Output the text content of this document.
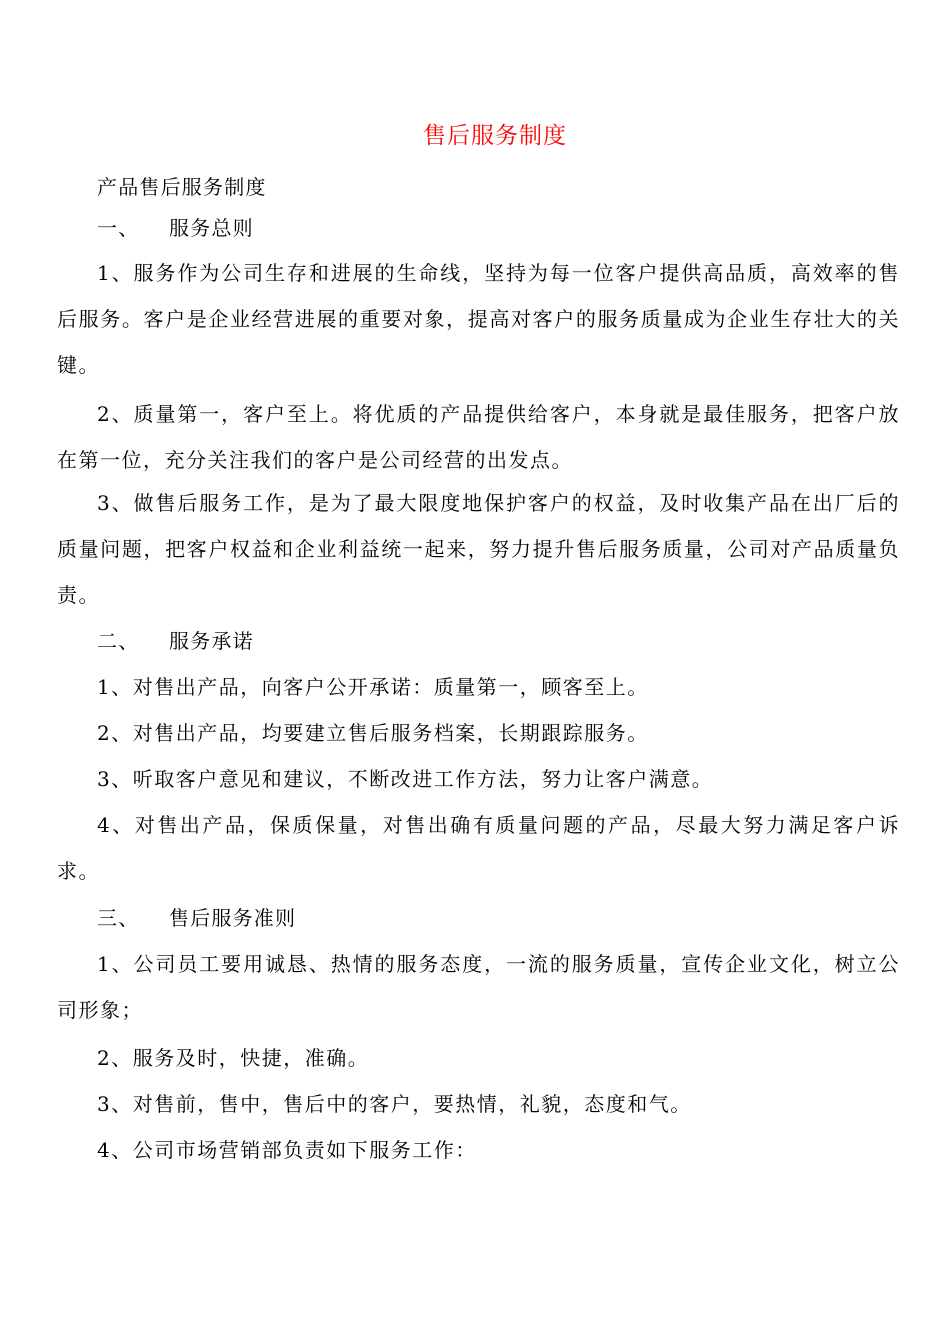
售后服务制度
产品售后服务制度
一、 服务总则
1、服务作为公司生存和进展的生命线，坚持为每一位客户提供高品质，高效率的售后服务。客户是企业经营进展的重要对象，提高对客户的服务质量成为企业生存壮大的关键。
2、质量第一，客户至上。将优质的产品提供给客户，本身就是最佳服务，把客户放在第一位，充分关注我们的客户是公司经营的出发点。
3、做售后服务工作，是为了最大限度地保护客户的权益，及时收集产品在出厂后的质量问题，把客户权益和企业利益统一起来，努力提升售后服务质量，公司对产品质量负责。
二、 服务承诺
1、对售出产品，向客户公开承诺：质量第一，顾客至上。
2、对售出产品，均要建立售后服务档案，长期跟踪服务。
3、听取客户意见和建议，不断改进工作方法，努力让客户满意。
4、对售出产品，保质保量，对售出确有质量问题的产品，尽最大努力满足客户诉求。
三、 售后服务准则
1、公司员工要用诚恳、热情的服务态度，一流的服务质量，宣传企业文化，树立公司形象；
2、服务及时，快捷，准确。
3、对售前，售中，售后中的客户，要热情，礼貌，态度和气。
4、公司市场营销部负责如下服务工作：
